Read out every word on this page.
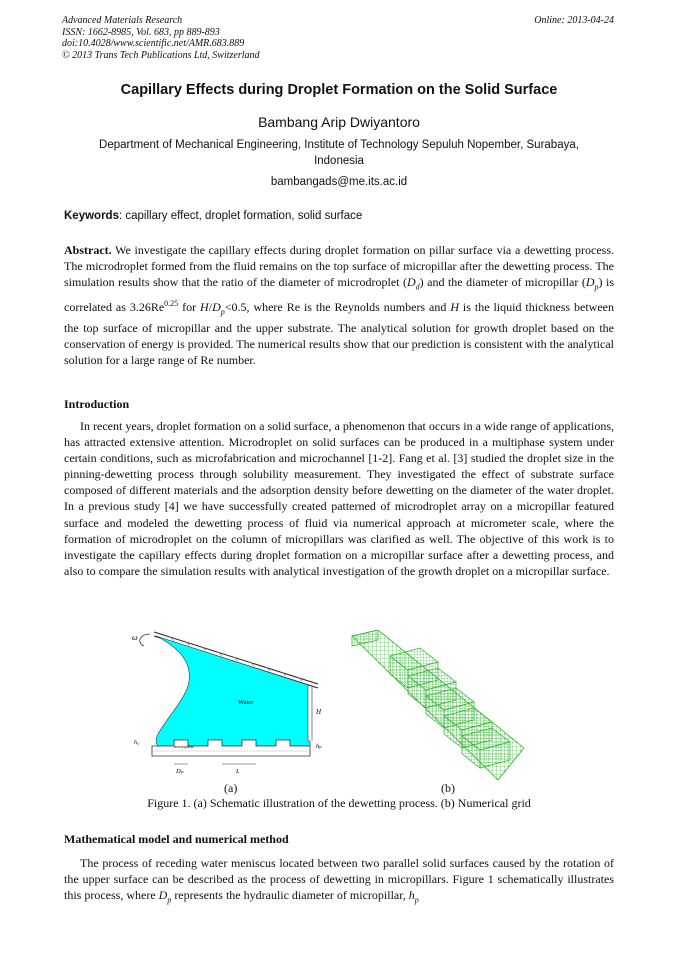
Advanced Materials Research
ISSN: 1662-8985, Vol. 683, pp 889-893
doi:10.4028/www.scientific.net/AMR.683.889
© 2013 Trans Tech Publications Ltd, Switzerland
Online: 2013-04-24
Capillary Effects during Droplet Formation on the Solid Surface
Bambang Arip Dwiyantoro
Department of Mechanical Engineering, Institute of Technology Sepuluh Nopember, Surabaya, Indonesia
bambangads@me.its.ac.id
Keywords: capillary effect, droplet formation, solid surface
Abstract. We investigate the capillary effects during droplet formation on pillar surface via a dewetting process. The microdroplet formed from the fluid remains on the top surface of micropillar after the dewetting process. The simulation results show that the ratio of the diameter of microdroplet $(D_d)$ and the diameter of micropillar $(D_p)$ is correlated as $3.26Re^{0.25}$ for $H/D_p<0.5$, where Re is the Reynolds numbers and H is the liquid thickness between the top surface of micropillar and the upper substrate. The analytical solution for growth droplet based on the conservation of energy is provided. The numerical results show that our prediction is consistent with the analytical solution for a large range of Re number.
Introduction
In recent years, droplet formation on a solid surface, a phenomenon that occurs in a wide range of applications, has attracted extensive attention. Microdroplet on solid surfaces can be produced in a multiphase system under certain conditions, such as microfabrication and microchannel [1-2]. Fang et al. [3] studied the droplet size in the pinning-dewetting process through solubility measurement. They investigated the effect of substrate surface composed of different materials and the adsorption density before dewetting on the diameter of the water droplet. In a previous study [4] we have successfully created patterned of microdroplet array on a micropillar featured surface and modeled the dewetting process of fluid via numerical approach at micrometer scale, where the formation of microdroplet on the column of micropillars was clarified as well. The objective of this work is to investigate the capillary effects during droplet formation on a micropillar surface after a dewetting process, and also to compare the simulation results with analytical investigation of the growth droplet on a micropillar surface.
ω
Water
H
micropillar
h₀
hₚ
Dₚ	L
(a)	(b)
Figure 1. (a) Schematic illustration of the dewetting process. (b) Numerical grid
Mathematical model and numerical method
The process of receding water meniscus located between two parallel solid surfaces caused by the rotation of the upper surface can be described as the process of dewetting in micropillars. Figure 1 schematically illustrates this process, where $D_p$ represents the hydraulic diameter of micropillar, $h_p$
